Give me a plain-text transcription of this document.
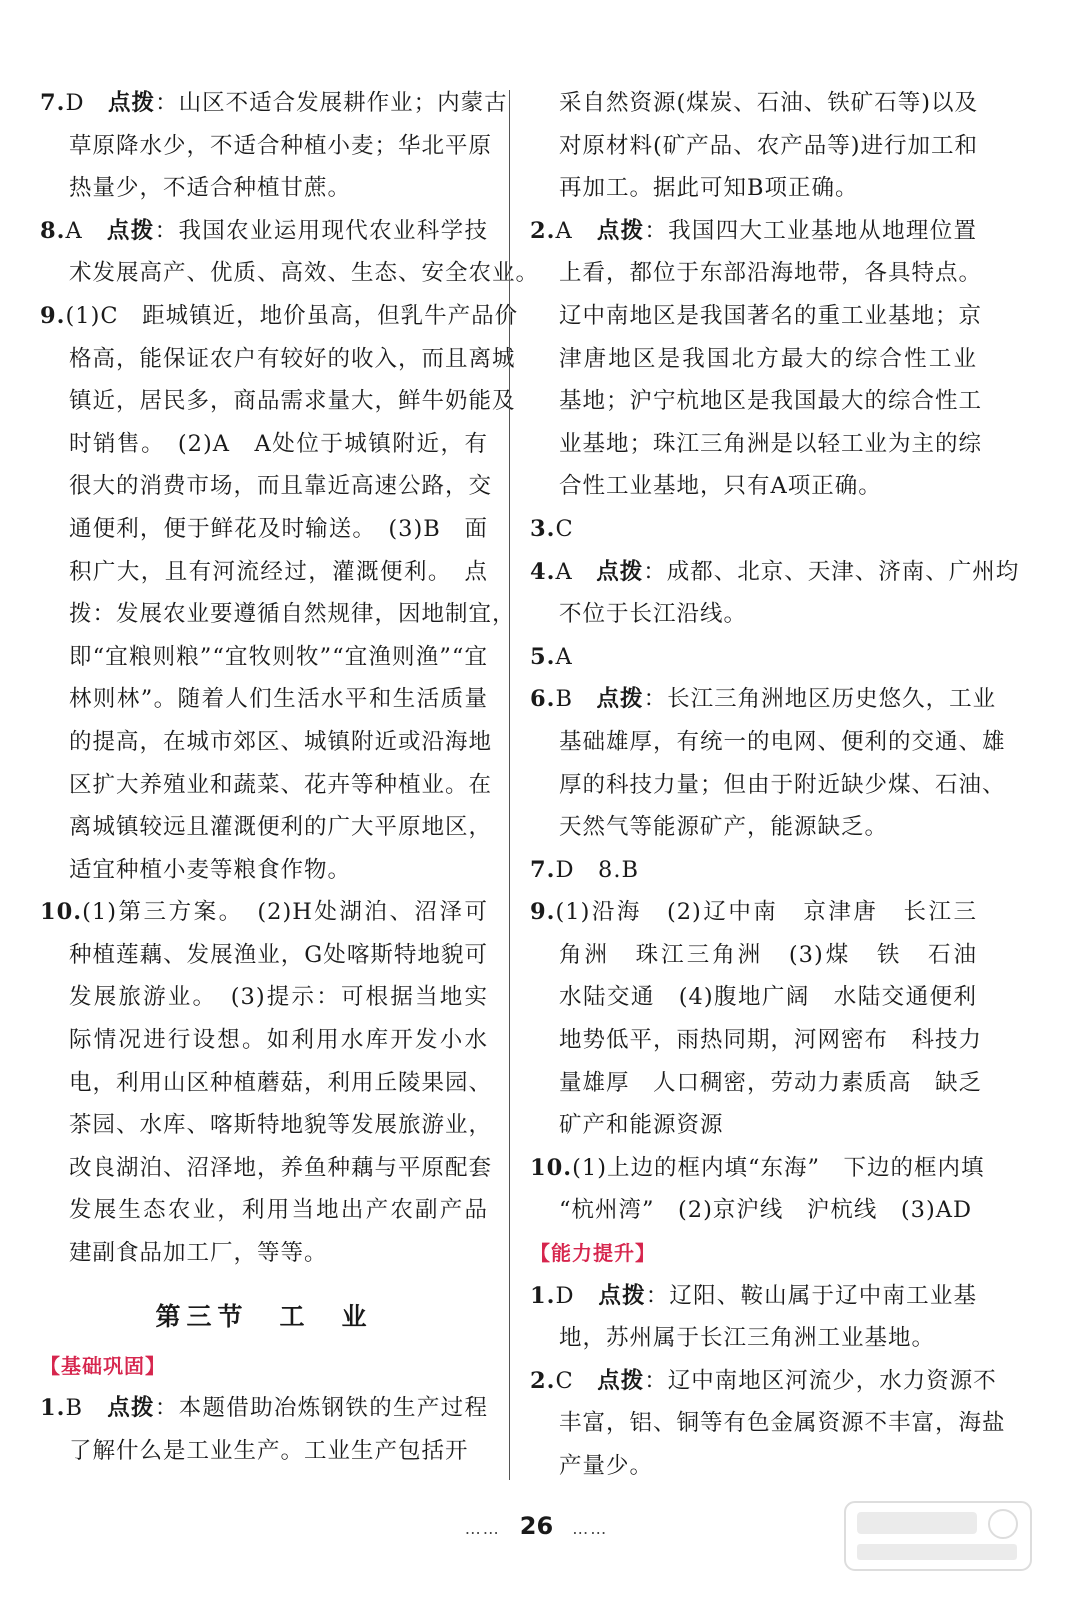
7.D　点拨：山区不适合发展耕作业；内蒙古
草原降水少，不适合种植小麦；华北平原
热量少，不适合种植甘蔗。
8.A　点拨：我国农业运用现代农业科学技
术发展高产、优质、高效、生态、安全农业。
9.(1)C　距城镇近，地价虽高，但乳牛产品价
格高，能保证农户有较好的收入，而且离城
镇近，居民多，商品需求量大，鲜牛奶能及
时销售。　(2)A　A处位于城镇附近，有
很大的消费市场，而且靠近高速公路，交
通便利，便于鲜花及时输送。　(3)B　面
积广大，且有河流经过，灌溉便利。　点
拨：发展农业要遵循自然规律，因地制宜，
即“宜粮则粮”“宜牧则牧”“宜渔则渔”“宜
林则林”。随着人们生活水平和生活质量
的提高，在城市郊区、城镇附近或沿海地
区扩大养殖业和蔬菜、花卉等种植业。在
离城镇较远且灌溉便利的广大平原地区，
适宜种植小麦等粮食作物。
10.(1)第三方案。　(2)H处湖泊、沼泽可
种植莲藕、发展渔业，G处喀斯特地貌可
发展旅游业。　(3)提示：可根据当地实
际情况进行设想。如利用水库开发小水
电，利用山区种植蘑菇，利用丘陵果园、
茶园、水库、喀斯特地貌等发展旅游业，
改良湖泊、沼泽地，养鱼种藕与平原配套
发展生态农业，利用当地出产农副产品
建副食品加工厂，等等。
第三节　工　业
【基础巩固】
1.B　点拨：本题借助冶炼钢铁的生产过程
了解什么是工业生产。工业生产包括开
采自然资源(煤炭、石油、铁矿石等)以及
对原材料(矿产品、农产品等)进行加工和
再加工。据此可知B项正确。
2.A　点拨：我国四大工业基地从地理位置
上看，都位于东部沿海地带，各具特点。
辽中南地区是我国著名的重工业基地；京
津唐地区是我国北方最大的综合性工业
基地；沪宁杭地区是我国最大的综合性工
业基地；珠江三角洲是以轻工业为主的综
合性工业基地，只有A项正确。
3.C
4.A　点拨：成都、北京、天津、济南、广州均
不位于长江沿线。
5.A
6.B　点拨：长江三角洲地区历史悠久，工业
基础雄厚，有统一的电网、便利的交通、雄
厚的科技力量；但由于附近缺少煤、石油、
天然气等能源矿产，能源缺乏。
7.D　8.B
9.(1)沿海　(2)辽中南　京津唐　长江三
角洲　珠江三角洲　(3)煤　铁　石油
水陆交通　(4)腹地广阔　水陆交通便利
地势低平，雨热同期，河网密布　科技力
量雄厚　人口稠密，劳动力素质高　缺乏
矿产和能源资源
10.(1)上边的框内填“东海”　下边的框内填
“杭州湾”　(2)京沪线　沪杭线　(3)AD
【能力提升】
1.D　点拨：辽阳、鞍山属于辽中南工业基
地，苏州属于长江三角洲工业基地。
2.C　点拨：辽中南地区河流少，水力资源不
丰富，铝、铜等有色金属资源不丰富，海盐
产量少。
…… 26 ……
